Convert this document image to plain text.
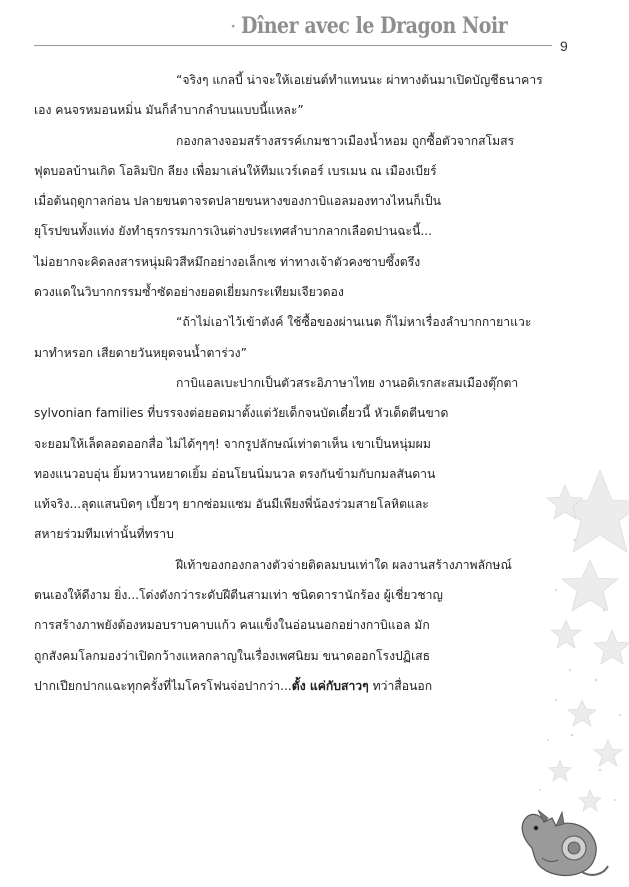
Dîner avec le Dragon Noir
9

“จริงๆ แกลบี้ น่าจะให้เอเย่นต์ทำแทนนะ ผ่าทางต้นมาเปิดบัญชีธนาคาร
เอง คนจรหมอนหมิ่น มันก็ลำบากลำบนแบบนี้แหละ”

กองกลางจอมสร้างสรรค์เกมชาวเมืองน้ำหอม ถูกซื้อตัวจากสโมสร
ฟุตบอลบ้านเกิด โอลิมปิก ลียง เพื่อมาเล่นให้ทีมแวร์เดอร์ เบรเมน ณ เมืองเบียร์
เมื่อต้นฤดูกาลก่อน ปลายขนตาจรดปลายขนหางของกาบิแอลมองทางไหนก็เป็น
ยุโรปขนทั้งแท่ง ยังทำธุรกรรมการเงินต่างประเทศลำบากลากเลือดปานฉะนี้...
ไม่อยากจะคิดลงสารหนุ่มผิวสีหมึกอย่างอเล็กเซ ท่าทางเจ้าตัวคงซาบซึ้งตรึง
ดวงแดในวิบากกรรมซ้ำซัดอย่างยอดเยี่ยมกระเทียมเจียวดอง

“ถ้าไม่เอาไว้เข้าตังค์ ใช้ซื้อของผ่านเนต ก็ไม่หาเรื่องลำบากกายาแวะ
มาทำหรอก เสียดายวันหยุดจนน้ำตาร่วง”

กาบิแอลเบะปากเป็นตัวสระอิภาษาไทย งานอดิเรกสะสมเมืองตุ๊กตา
sylvonian families ที่บรรจงต่อยอดมาตั้งแต่วัยเด็กจนบัดเดี๋ยวนี้ หัวเด็ดตีนขาด
จะยอมให้เล็ดลอดออกสื่อ ไม่ได้ๆๆๆ! จากรูปลักษณ์เท่าตาเห็น เขาเป็นหนุ่มผม
ทองแนวอบอุ่น ยิ้มหวานหยาดเยิ้ม อ่อนโยนนิ่มนวล ตรงกันข้ามกับกมลสันดาน
แท้จริง...ลุดแสนบิดๆ เบี้ยวๆ ยากซ่อมแซม อันมีเพียงพี่น้องร่วมสายโลหิตและ
สหายร่วมทีมเท่านั้นที่ทราบ

ฝีเท้าของกองกลางตัวจ่ายติดลมบนเท่าใด ผลงานสร้างภาพลักษณ์
ตนเองให้ดีงาม ยิ่ง...โด่งดังกว่าระดับฝีตีนสามเท่า ชนิดดารานักร้อง ผู้เชี่ยวชาญ
การสร้างภาพยังต้องหมอบราบคาบแก้ว คนแข็งในอ่อนนอกอย่างกาบิแอล มัก
ถูกสังคมโลกมองว่าเปิดกว้างแหลกลาญในเรื่องเพศนิยม ขนาดออกโรงปฏิเสธ
ปากเปียกปากแฉะทุกครั้งที่ไมโครโฟนจ่อปากว่า...ตั้ง แค่กับสาวๆ ทว่าสื่อนอก
